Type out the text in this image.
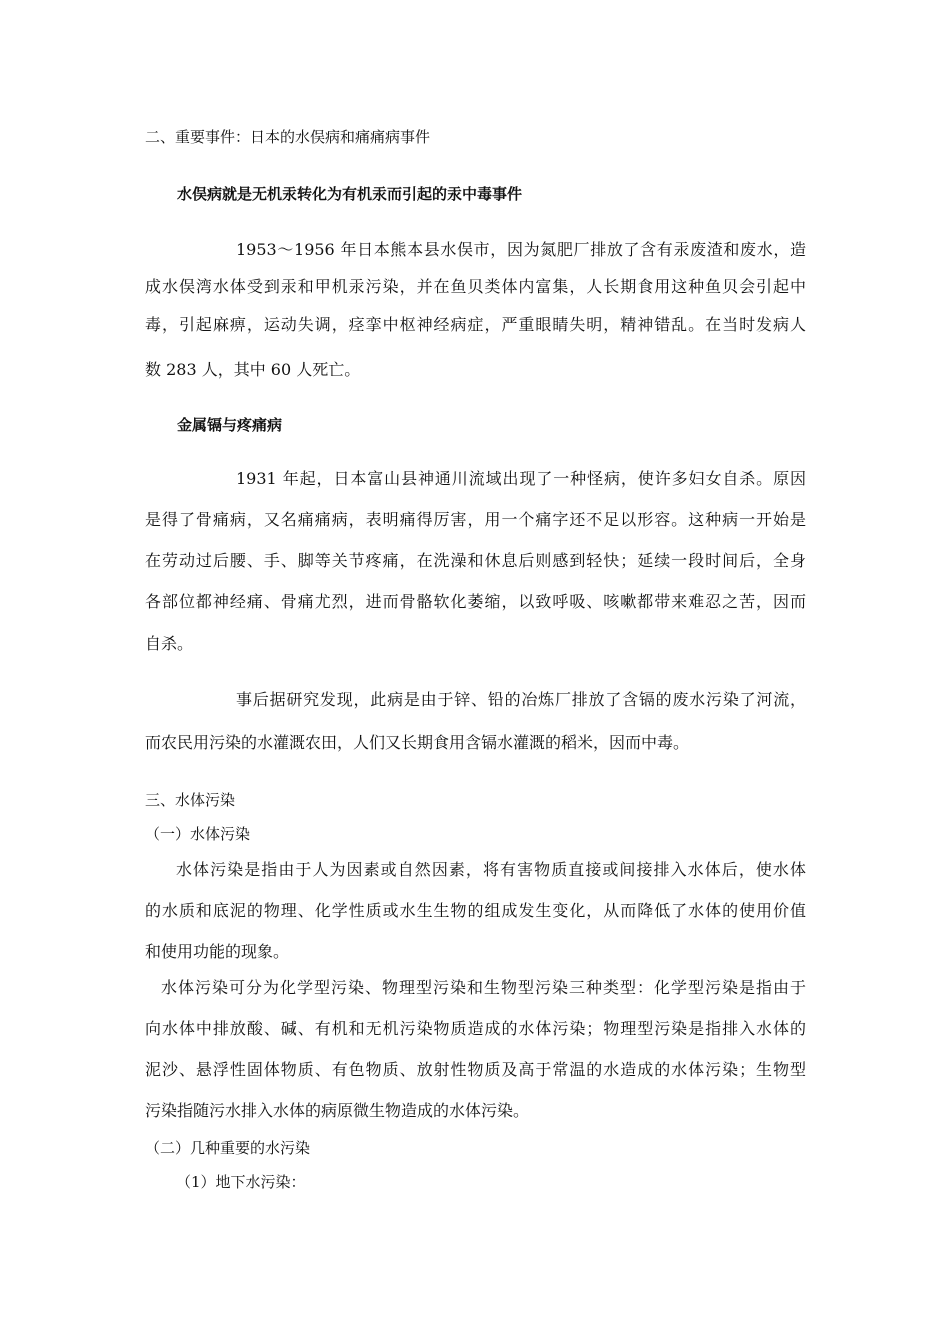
二、重要事件：日本的水俣病和痛痛病事件
水俣病就是无机汞转化为有机汞而引起的汞中毒事件
1953～1956 年日本熊本县水俣市，因为氮肥厂排放了含有汞废渣和废水，造
成水俣湾水体受到汞和甲机汞污染，并在鱼贝类体内富集，人长期食用这种鱼贝会引起中
毒，引起麻痹，运动失调，痉挛中枢神经病症，严重眼睛失明，精神错乱。在当时发病人
数 283 人，其中 60 人死亡。
金属镉与疼痛病
1931 年起，日本富山县神通川流域出现了一种怪病，使许多妇女自杀。原因
是得了骨痛病，又名痛痛病，表明痛得厉害，用一个痛字还不足以形容。这种病一开始是
在劳动过后腰、手、脚等关节疼痛，在洗澡和休息后则感到轻快；延续一段时间后，全身
各部位都神经痛、骨痛尤烈，进而骨骼软化萎缩，以致呼吸、咳嗽都带来难忍之苦，因而
自杀。
事后据研究发现，此病是由于锌、铅的冶炼厂排放了含镉的废水污染了河流，
而农民用污染的水灌溉农田，人们又长期食用含镉水灌溉的稻米，因而中毒。
三、水体污染
（一）水体污染
水体污染是指由于人为因素或自然因素，将有害物质直接或间接排入水体后，使水体
的水质和底泥的物理、化学性质或水生生物的组成发生变化，从而降低了水体的使用价值
和使用功能的现象。
水体污染可分为化学型污染、物理型污染和生物型污染三种类型：化学型污染是指由于
向水体中排放酸、碱、有机和无机污染物质造成的水体污染；物理型污染是指排入水体的
泥沙、悬浮性固体物质、有色物质、放射性物质及高于常温的水造成的水体污染；生物型
污染指随污水排入水体的病原微生物造成的水体污染。
（二）几种重要的水污染
（1）地下水污染：
